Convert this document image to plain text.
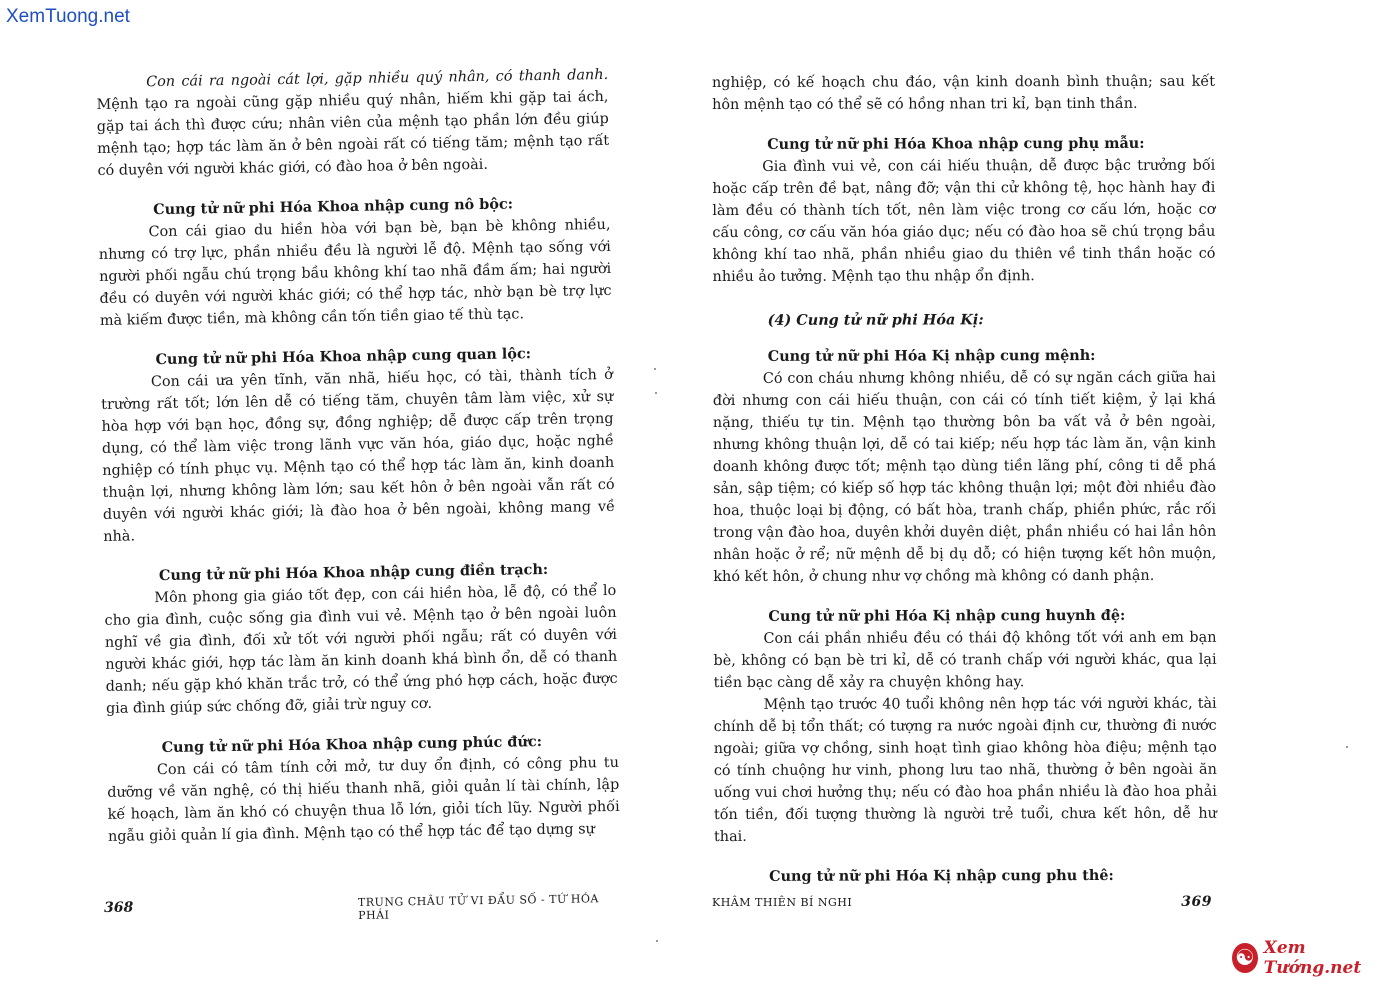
XemTuong.net

Con cái ra ngoài cát lợi, gặp nhiều quý nhân, có thanh danh. Mệnh tạo ra ngoài cũng gặp nhiều quý nhân, hiếm khi gặp tai ách, gặp tai ách thì được cứu; nhân viên của mệnh tạo phần lớn đều giúp mệnh tạo; hợp tác làm ăn ở bên ngoài rất có tiếng tăm; mệnh tạo rất có duyên với người khác giới, có đào hoa ở bên ngoài.

Cung tử nữ phi Hóa Khoa nhập cung nô bộc:

Con cái giao du hiền hòa với bạn bè, bạn bè không nhiều, nhưng có trợ lực, phần nhiều đều là người lễ độ. Mệnh tạo sống với người phối ngẫu chú trọng bầu không khí tao nhã đầm ấm; hai người đều có duyên với người khác giới; có thể hợp tác, nhờ bạn bè trợ lực mà kiếm được tiền, mà không cần tốn tiền giao tế thù tạc.

Cung tử nữ phi Hóa Khoa nhập cung quan lộc:

Con cái ưa yên tĩnh, văn nhã, hiếu học, có tài, thành tích ở trường rất tốt; lớn lên dễ có tiếng tăm, chuyên tâm làm việc, xử sự hòa hợp với bạn học, đồng sự, đồng nghiệp; dễ được cấp trên trọng dụng, có thể làm việc trong lãnh vực văn hóa, giáo dục, hoặc nghề nghiệp có tính phục vụ. Mệnh tạo có thể hợp tác làm ăn, kinh doanh thuận lợi, nhưng không làm lớn; sau kết hôn ở bên ngoài vẫn rất có duyên với người khác giới; là đào hoa ở bên ngoài, không mang về nhà.

Cung tử nữ phi Hóa Khoa nhập cung điền trạch:

Môn phong gia giáo tốt đẹp, con cái hiền hòa, lễ độ, có thể lo cho gia đình, cuộc sống gia đình vui vẻ. Mệnh tạo ở bên ngoài luôn nghĩ về gia đình, đối xử tốt với người phối ngẫu; rất có duyên với người khác giới, hợp tác làm ăn kinh doanh khá bình ổn, dễ có thanh danh; nếu gặp khó khăn trắc trở, có thể ứng phó hợp cách, hoặc được gia đình giúp sức chống đỡ, giải trừ nguy cơ.

Cung tử nữ phi Hóa Khoa nhập cung phúc đức:

Con cái có tâm tính cởi mở, tư duy ổn định, có công phu tu dưỡng về văn nghệ, có thị hiếu thanh nhã, giỏi quản lí tài chính, lập kế hoạch, làm ăn khó có chuyện thua lỗ lớn, giỏi tích lũy. Người phối ngẫu giỏi quản lí gia đình. Mệnh tạo có thể hợp tác để tạo dựng sự

nghiệp, có kế hoạch chu đáo, vận kinh doanh bình thuận; sau kết hôn mệnh tạo có thể sẽ có hồng nhan tri kỉ, bạn tinh thần.

Cung tử nữ phi Hóa Khoa nhập cung phụ mẫu:

Gia đình vui vẻ, con cái hiếu thuận, dễ được bậc trưởng bối hoặc cấp trên đề bạt, nâng đỡ; vận thi cử không tệ, học hành hay đi làm đều có thành tích tốt, nên làm việc trong cơ cấu lớn, hoặc cơ cấu công, cơ cấu văn hóa giáo dục; nếu có đào hoa sẽ chú trọng bầu không khí tao nhã, phần nhiều giao du thiên về tinh thần hoặc có nhiều ảo tưởng. Mệnh tạo thu nhập ổn định.

(4) Cung tử nữ phi Hóa Kị:

Cung tử nữ phi Hóa Kị nhập cung mệnh:

Có con cháu nhưng không nhiều, dễ có sự ngăn cách giữa hai đời nhưng con cái hiếu thuận, con cái có tính tiết kiệm, ỷ lại khá nặng, thiếu tự tin. Mệnh tạo thường bôn ba vất vả ở bên ngoài, nhưng không thuận lợi, dễ có tai kiếp; nếu hợp tác làm ăn, vận kinh doanh không được tốt; mệnh tạo dùng tiền lãng phí, công ti dễ phá sản, sập tiệm; có kiếp số hợp tác không thuận lợi; một đời nhiều đào hoa, thuộc loại bị động, có bất hòa, tranh chấp, phiền phức, rắc rối trong vận đào hoa, duyên khởi duyên diệt, phần nhiều có hai lần hôn nhân hoặc ở rể; nữ mệnh dễ bị dụ dỗ; có hiện tượng kết hôn muộn, khó kết hôn, ở chung như vợ chồng mà không có danh phận.

Cung tử nữ phi Hóa Kị nhập cung huynh đệ:

Con cái phần nhiều đều có thái độ không tốt với anh em bạn bè, không có bạn bè tri kỉ, dễ có tranh chấp với người khác, qua lại tiền bạc càng dễ xảy ra chuyện không hay.

Mệnh tạo trước 40 tuổi không nên hợp tác với người khác, tài chính dễ bị tổn thất; có tượng ra nước ngoài định cư, thường đi nước ngoài; giữa vợ chồng, sinh hoạt tình giao không hòa điệu; mệnh tạo có tính chuộng hư vinh, phong lưu tao nhã, thường ở bên ngoài ăn uống vui chơi hưởng thụ; nếu có đào hoa phần nhiều là đào hoa phải tốn tiền, đối tượng thường là người trẻ tuổi, chưa kết hôn, dễ hư thai.

Cung tử nữ phi Hóa Kị nhập cung phu thê:

368	TRUNG CHÂU TỬ VI ĐẨU SỐ - TỨ HÓA PHÁI
KHÂM THIÊN BÍ NGHI	369
☯ Xem Tướng.net
